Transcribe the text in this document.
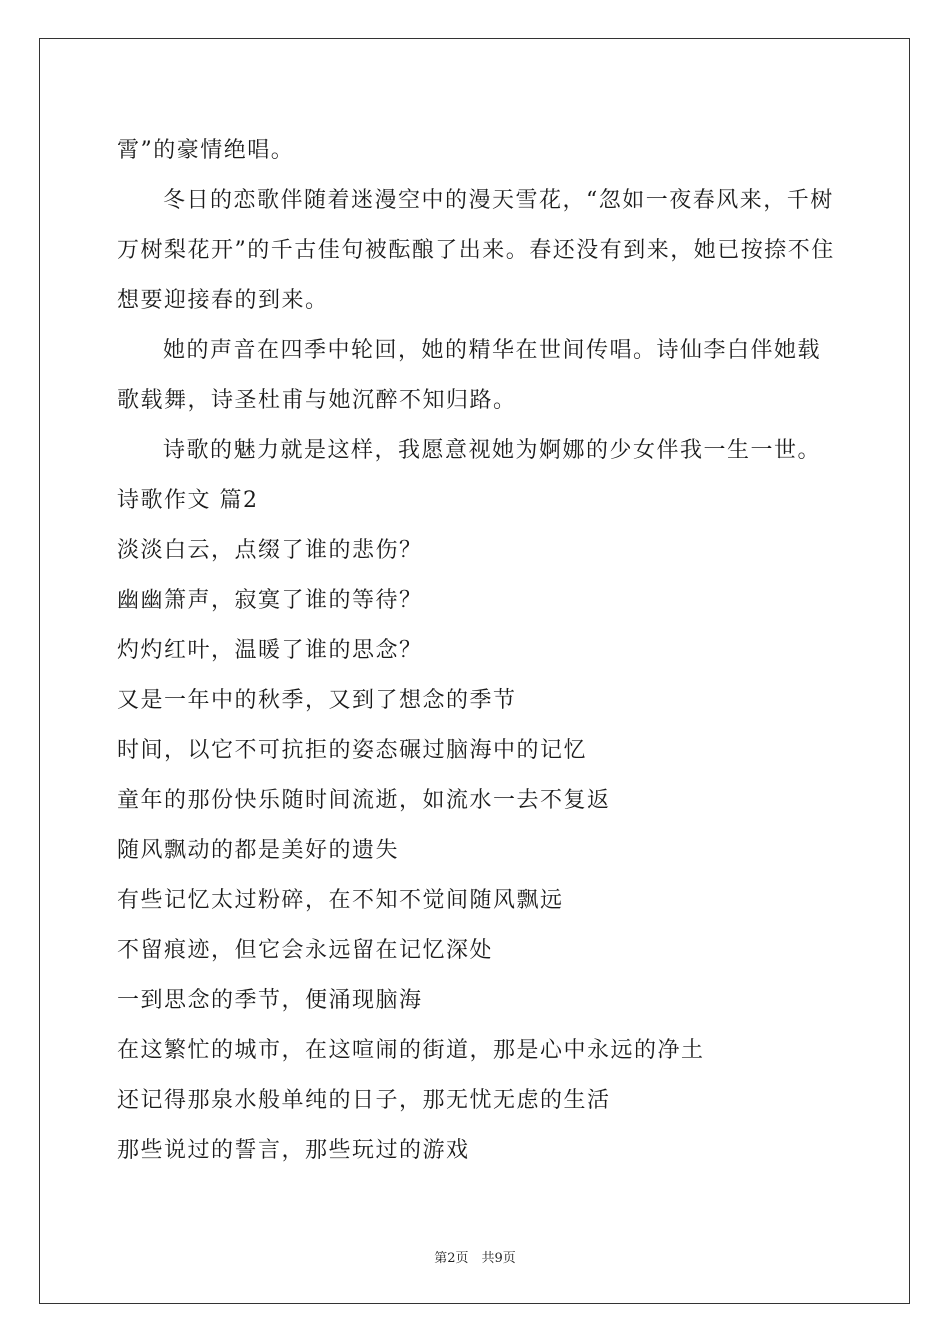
霄”的豪情绝唱。

冬日的恋歌伴随着迷漫空中的漫天雪花，“忽如一夜春风来，千树万树梨花开”的千古佳句被酝酿了出来。春还没有到来，她已按捺不住想要迎接春的到来。

她的声音在四季中轮回，她的精华在世间传唱。诗仙李白伴她载歌载舞，诗圣杜甫与她沉醉不知归路。

诗歌的魅力就是这样，我愿意视她为婀娜的少女伴我一生一世。

诗歌作文 篇2

淡淡白云，点缀了谁的悲伤？

幽幽箫声，寂寞了谁的等待？

灼灼红叶，温暖了谁的思念？

又是一年中的秋季，又到了想念的季节

时间，以它不可抗拒的姿态碾过脑海中的记忆

童年的那份快乐随时间流逝，如流水一去不复返

随风飘动的都是美好的遗失

有些记忆太过粉碎，在不知不觉间随风飘远

不留痕迹，但它会永远留在记忆深处

一到思念的季节，便涌现脑海

在这繁忙的城市，在这喧闹的街道，那是心中永远的净土

还记得那泉水般单纯的日子，那无忧无虑的生活

那些说过的誓言，那些玩过的游戏

第2页　共9页
